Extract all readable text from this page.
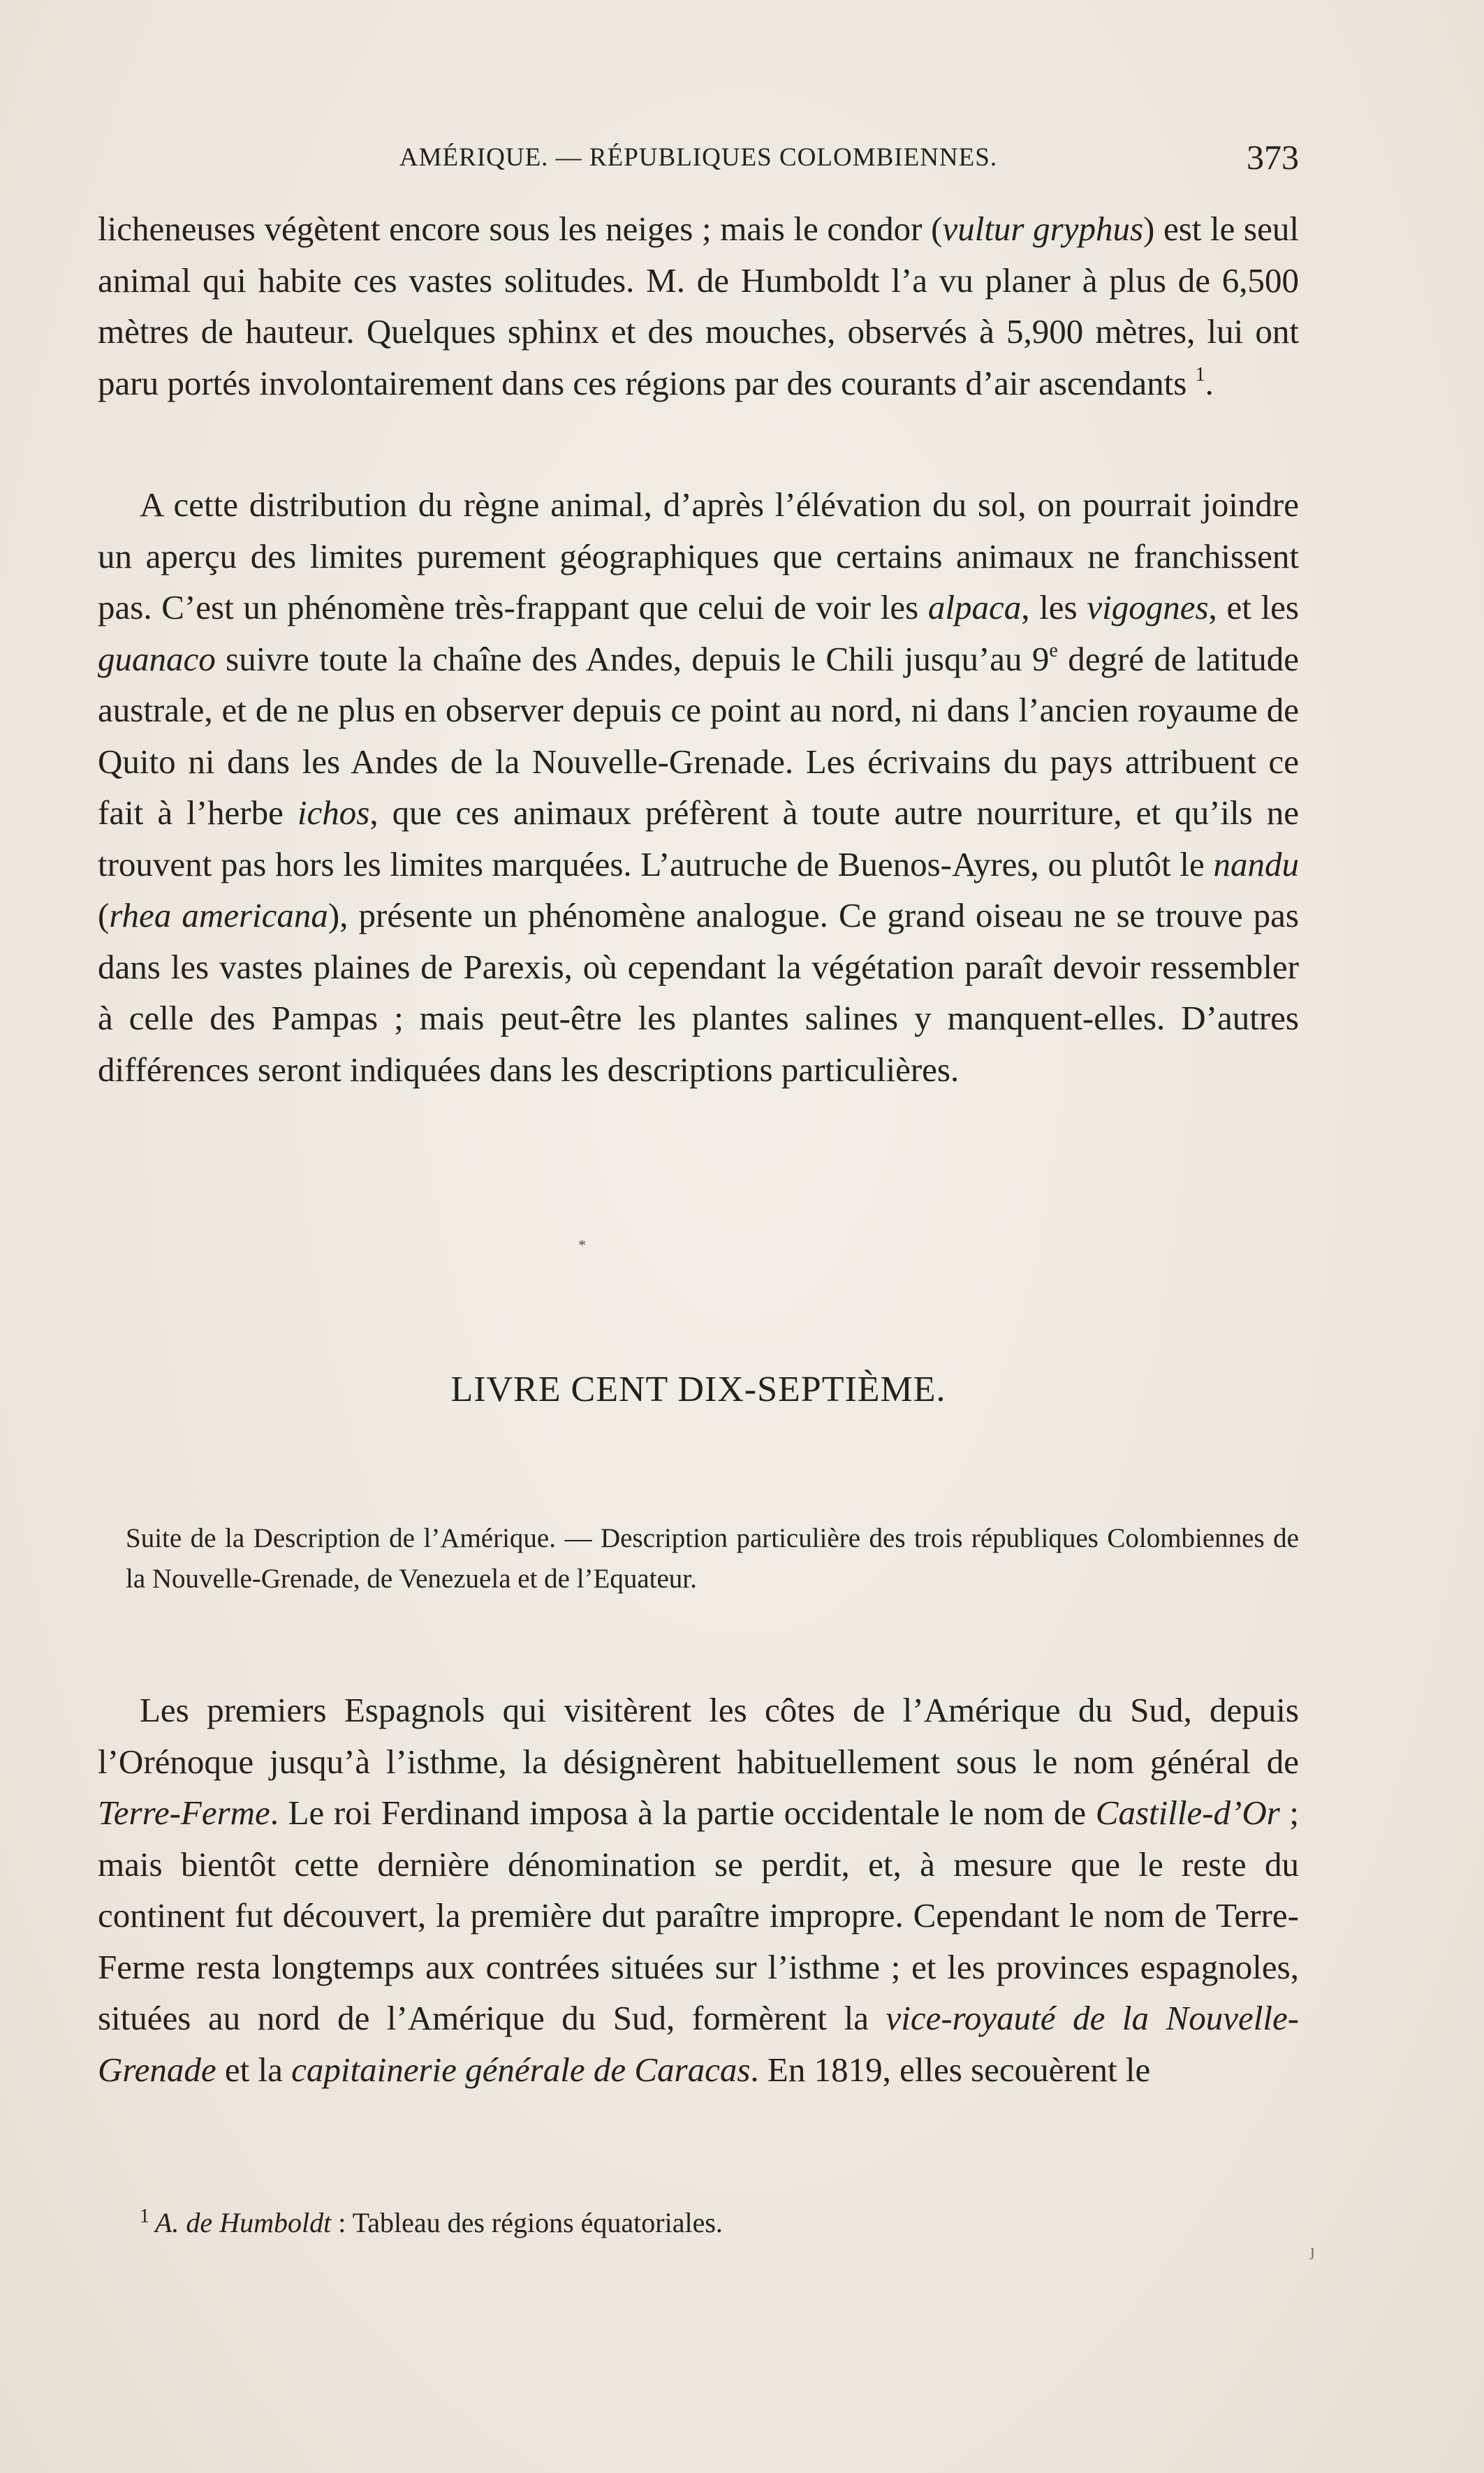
AMÉRIQUE. — RÉPUBLIQUES COLOMBIENNES.	373

licheneuses végètent encore sous les neiges ; mais le condor (vultur gryphus) est le seul animal qui habite ces vastes solitudes. M. de Humboldt l’a vu planer à plus de 6,500 mètres de hauteur. Quelques sphinx et des mouches, observés à 5,900 mètres, lui ont paru portés involontairement dans ces régions par des courants d’air ascendants $^1$.

A cette distribution du règne animal, d’après l’élévation du sol, on pourrait joindre un aperçu des limites purement géographiques que certains animaux ne franchissent pas. C’est un phénomène très-frappant que celui de voir les alpaca, les vigognes, et les guanaco suivre toute la chaîne des Andes, depuis le Chili jusqu’au 9e degré de latitude australe, et de ne plus en observer depuis ce point au nord, ni dans l’ancien royaume de Quito ni dans les Andes de la Nouvelle-Grenade. Les écrivains du pays attribuent ce fait à l’herbe ichos, que ces animaux préfèrent à toute autre nourriture, et qu’ils ne trouvent pas hors les limites marquées. L’autruche de Buenos-Ayres, ou plutôt le nandu (rhea americana), présente un phénomène analogue. Ce grand oiseau ne se trouve pas dans les vastes plaines de Parexis, où cependant la végétation paraît devoir ressembler à celle des Pampas ; mais peut-être les plantes salines y manquent-elles. D’autres différences seront indiquées dans les descriptions particulières.

*
LIVRE CENT DIX-SEPTIÈME.
Suite de la Description de l’Amérique. — Description particulière des trois républiques Colombiennes de la Nouvelle-Grenade, de Venezuela et de l’Equateur.

Les premiers Espagnols qui visitèrent les côtes de l’Amérique du Sud, depuis l’Orénoque jusqu’à l’isthme, la désignèrent habituellement sous le nom général de Terre-Ferme. Le roi Ferdinand imposa à la partie occidentale le nom de Castille-d’Or ; mais bientôt cette dernière dénomination se perdit, et, à mesure que le reste du continent fut découvert, la première dut paraître impropre. Cependant le nom de Terre-Ferme resta longtemps aux contrées situées sur l’isthme ; et les provinces espagnoles, situées au nord de l’Amérique du Sud, formèrent la vice-royauté de la Nouvelle-Grenade et la capitainerie générale de Caracas. En 1819, elles secouèrent le

$^1$ A. de Humboldt : Tableau des régions équatoriales.
ȷ
